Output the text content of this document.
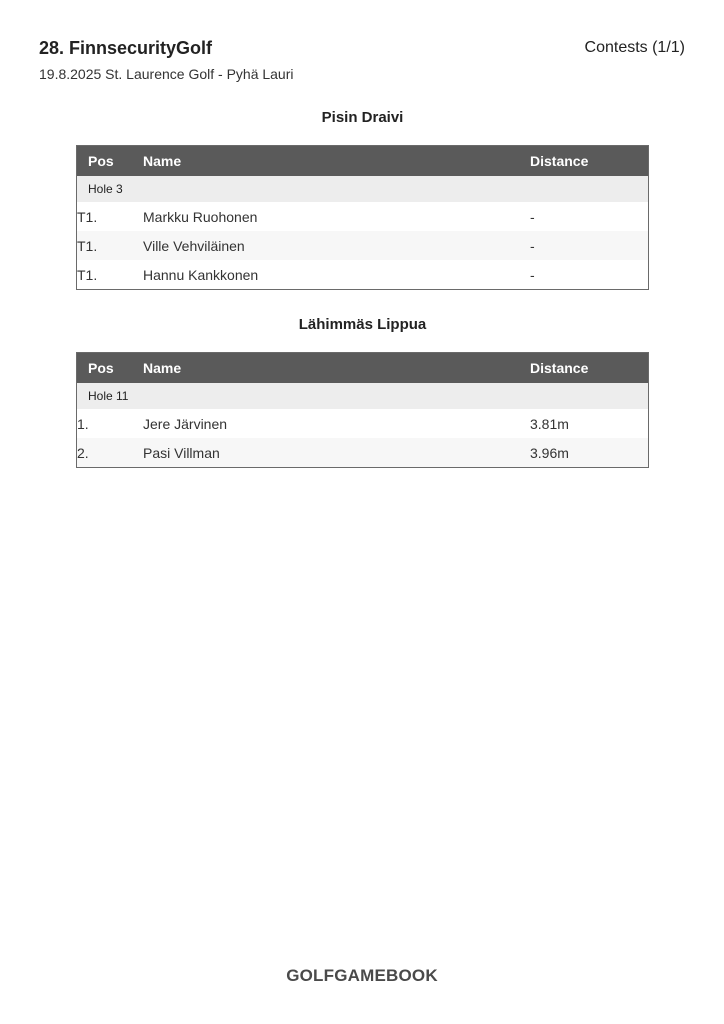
28. FinnsecurityGolf

19.8.2025 St. Laurence Golf - Pyhä Lauri

Contests (1/1)
Pisin Draivi
Pos	Name	Distance
Hole 3		
T1.	Markku Ruohonen	-
T1.	Ville Vehviläinen	-
T1.	Hannu Kankkonen	-
Lähimmäs Lippua
Pos	Name	Distance
Hole 11		
1.	Jere Järvinen	3.81m
2.	Pasi Villman	3.96m
GOLFGAMEBOOK
